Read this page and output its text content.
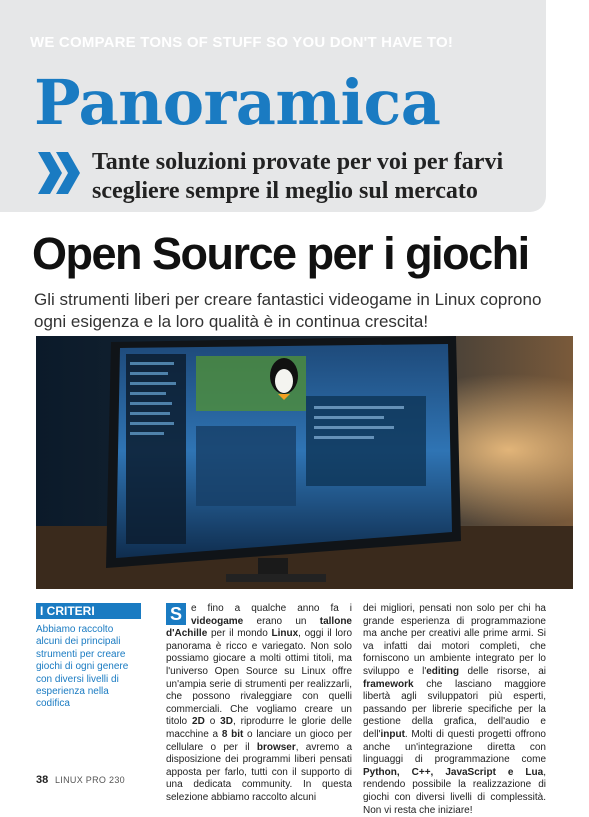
WE COMPARE TONS OF STUFF SO YOU DON'T HAVE TO!
Panoramica
Tante soluzioni provate per voi per farvi scegliere sempre il meglio sul mercato
Open Source per i giochi
Gli strumenti liberi per creare fantastici videogame in Linux coprono ogni esigenza e la loro qualità è in continua crescita!
I CRITERI
Abbiamo raccolto alcuni dei principali strumenti per creare giochi di ogni genere con diversi livelli di esperienza nella codifica
S e fino a qualche anno fa i videogame erano un tallone d'Achille per il mondo Linux, oggi il loro panorama è ricco e variegato. Non solo possiamo giocare a molti ottimi titoli, ma l'universo Open Source su Linux offre un'ampia serie di strumenti per realizzarli, che possono rivaleggiare con quelli commerciali. Che vogliamo creare un titolo 2D o 3D, riprodurre le glorie delle macchine a 8 bit o lanciare un gioco per cellulare o per il browser, avremo a disposizione dei programmi liberi pensati apposta per farlo, tutti con il supporto di una dedicata community. In questa selezione abbiamo raccolto alcuni
dei migliori, pensati non solo per chi ha grande esperienza di programmazione ma anche per creativi alle prime armi. Si va infatti dai motori completi, che forniscono un ambiente integrato per lo sviluppo e l'editing delle risorse, ai framework che lasciano maggiore libertà agli sviluppatori più esperti, passando per librerie specifiche per la gestione della grafica, dell'audio e dell'input. Molti di questi progetti offrono anche un'integrazione diretta con linguaggi di programmazione come Python, C++, JavaScript e Lua, rendendo possibile la realizzazione di giochi con diversi livelli di complessità. Non vi resta che iniziare!
38 LINUX PRO 230
